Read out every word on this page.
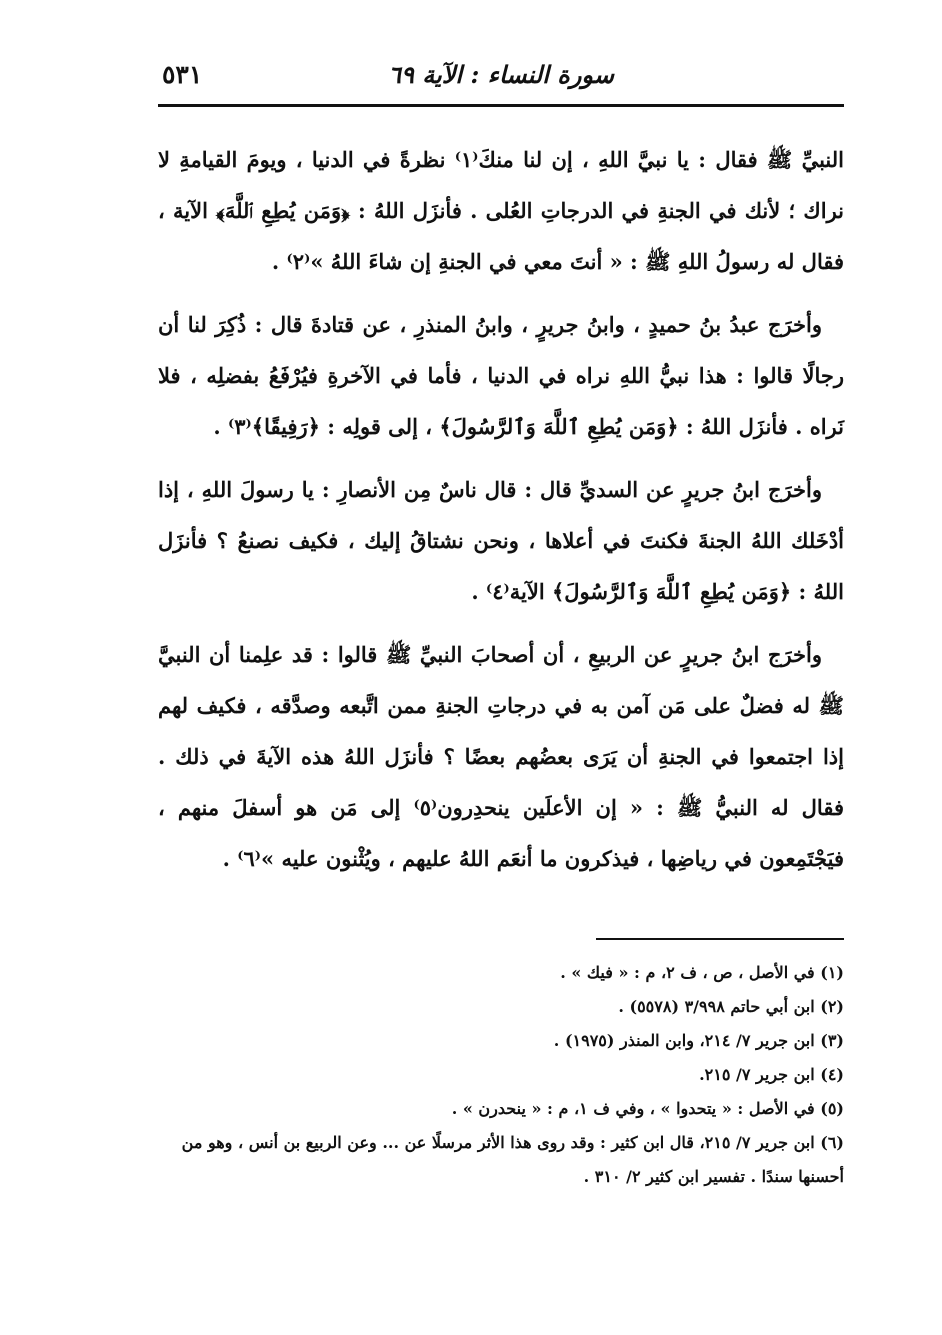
سورة النساء : الآية ٦٩
٥٣١

النبيِّ ﷺ فقال : يا نبيَّ اللهِ ، إن لنا منكَ⁽١⁾ نظرةً في الدنيا ، ويومَ القيامةِ لا نراك ؛ لأنك في الجنةِ في الدرجاتِ العُلى . فأنزَل اللهُ : ﴿وَمَن يُطِعِ ٱللَّهَ﴾ الآية ، فقال له رسولُ اللهِ ﷺ : « أنتَ معي في الجنةِ إن شاءَ اللهُ »⁽٢⁾ .

وأخرَج عبدُ بنُ حميدٍ ، وابنُ جريرٍ ، وابنُ المنذرِ ، عن قتادةَ قال : ذُكِرَ لنا أن رجالًا قالوا : هذا نبيُّ اللهِ نراه في الدنيا ، فأما في الآخرةِ فيُرْفَعُ بفضلِه ، فلا نَراه . فأنزَل اللهُ : ﴿وَمَن يُطِعِ ٱللَّهَ وَٱلرَّسُولَ﴾ ، إلى قولِه : ﴿رَفِيقًا﴾⁽٣⁾ .

وأخرَج ابنُ جريرٍ عن السديِّ قال : قال ناسٌ مِن الأنصارِ : يا رسولَ اللهِ ، إذا أدْخَلك اللهُ الجنةَ فكنتَ في أعلاها ، ونحن نشتاقُ إليك ، فكيف نصنعُ ؟ فأنزَل اللهُ : ﴿وَمَن يُطِعِ ٱللَّهَ وَٱلرَّسُولَ﴾ الآية⁽٤⁾ .

وأخرَج ابنُ جريرٍ عن الربيعِ ، أن أصحابَ النبيِّ ﷺ قالوا : قد علِمنا أن النبيَّ ﷺ له فضلٌ على مَن آمن به في درجاتِ الجنةِ ممن اتَّبعه وصدَّقه ، فكيف لهم إذا اجتمعوا في الجنةِ أن يَرَى بعضُهم بعضًا ؟ فأنزَل اللهُ هذه الآيةَ في ذلك . فقال له النبيُّ ﷺ : « إن الأعلَين ينحدِرون⁽٥⁾ إلى مَن هو أسفلَ منهم ، فيَجْتَمِعون في رياضِها ، فيذكرون ما أنعَم اللهُ عليهم ، ويُثْنون عليه »⁽٦⁾ .

(١) في الأصل ، ص ، ف ٢، م : « فيك » .

(٢) ابن أبي حاتم ٣/٩٩٨ (٥٥٧٨) .

(٣) ابن جرير ٧/ ٢١٤، وابن المنذر (١٩٧٥) .

(٤) ابن جرير ٧/ ٢١٥.

(٥) في الأصل : « يتحدوا » ، وفي ف ١، م : « ينحدرن » .

(٦) ابن جرير ٧/ ٢١٥، قال ابن كثير : وقد روى هذا الأثر مرسلًا عن ... وعن الربيع بن أنس ، وهو من أحسنها سندًا . تفسير ابن كثير ٢/ ٣١٠ .
